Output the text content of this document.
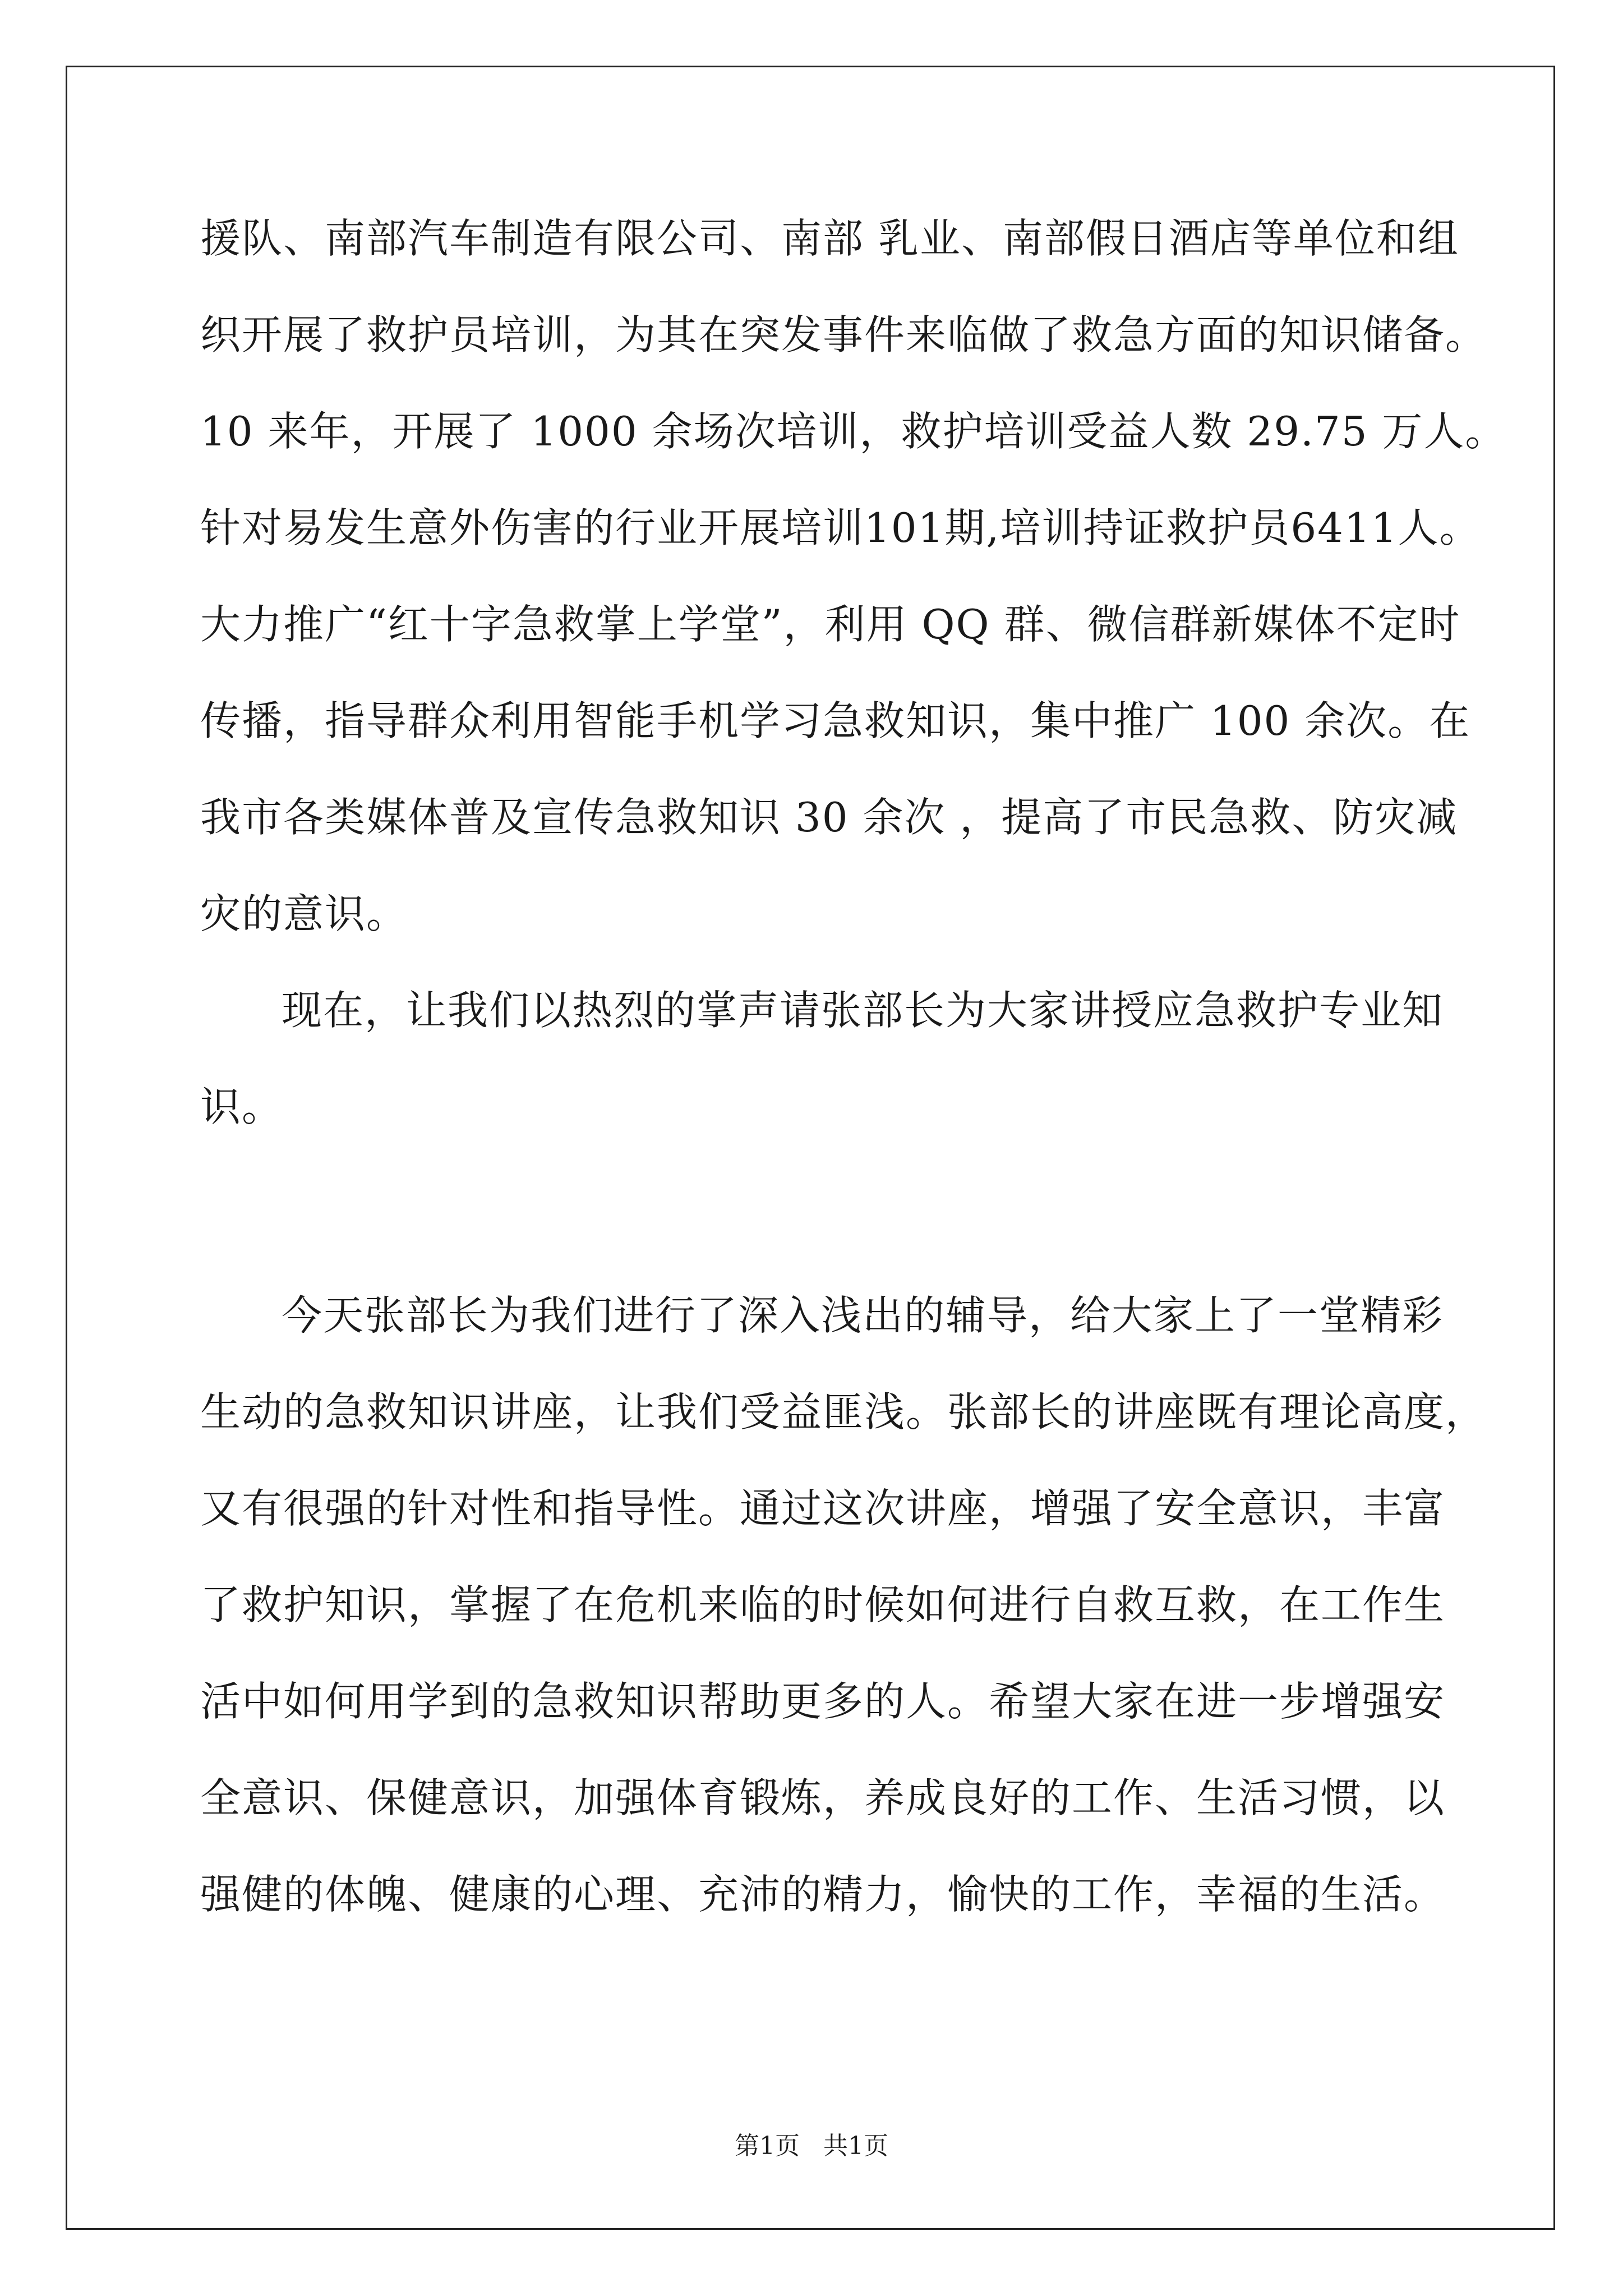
援队、南部汽车制造有限公司、南部 乳业、南部假日酒店等单位和组
织开展了救护员培训，为其在突发事件来临做了救急方面的知识储备。
10 来年，开展了 1000 余场次培训，救护培训受益人数 29.75 万人。
针对易发生意外伤害的行业开展培训101期,培训持证救护员6411人。
大力推广“红十字急救掌上学堂”，利用 QQ 群、微信群新媒体不定时
传播，指导群众利用智能手机学习急救知识，集中推广 100 余次。在
我市各类媒体普及宣传急救知识 30 余次 ，提高了市民急救、防灾减
灾的意识。
现在，让我们以热烈的掌声请张部长为大家讲授应急救护专业知
识。
今天张部长为我们进行了深入浅出的辅导，给大家上了一堂精彩
生动的急救知识讲座，让我们受益匪浅。张部长的讲座既有理论高度，
又有很强的针对性和指导性。通过这次讲座，增强了安全意识，丰富
了救护知识，掌握了在危机来临的时候如何进行自救互救，在工作生
活中如何用学到的急救知识帮助更多的人。希望大家在进一步增强安
全意识、保健意识，加强体育锻炼，养成良好的工作、生活习惯，以
强健的体魄、健康的心理、充沛的精力，愉快的工作，幸福的生活。
第1页   共1页
